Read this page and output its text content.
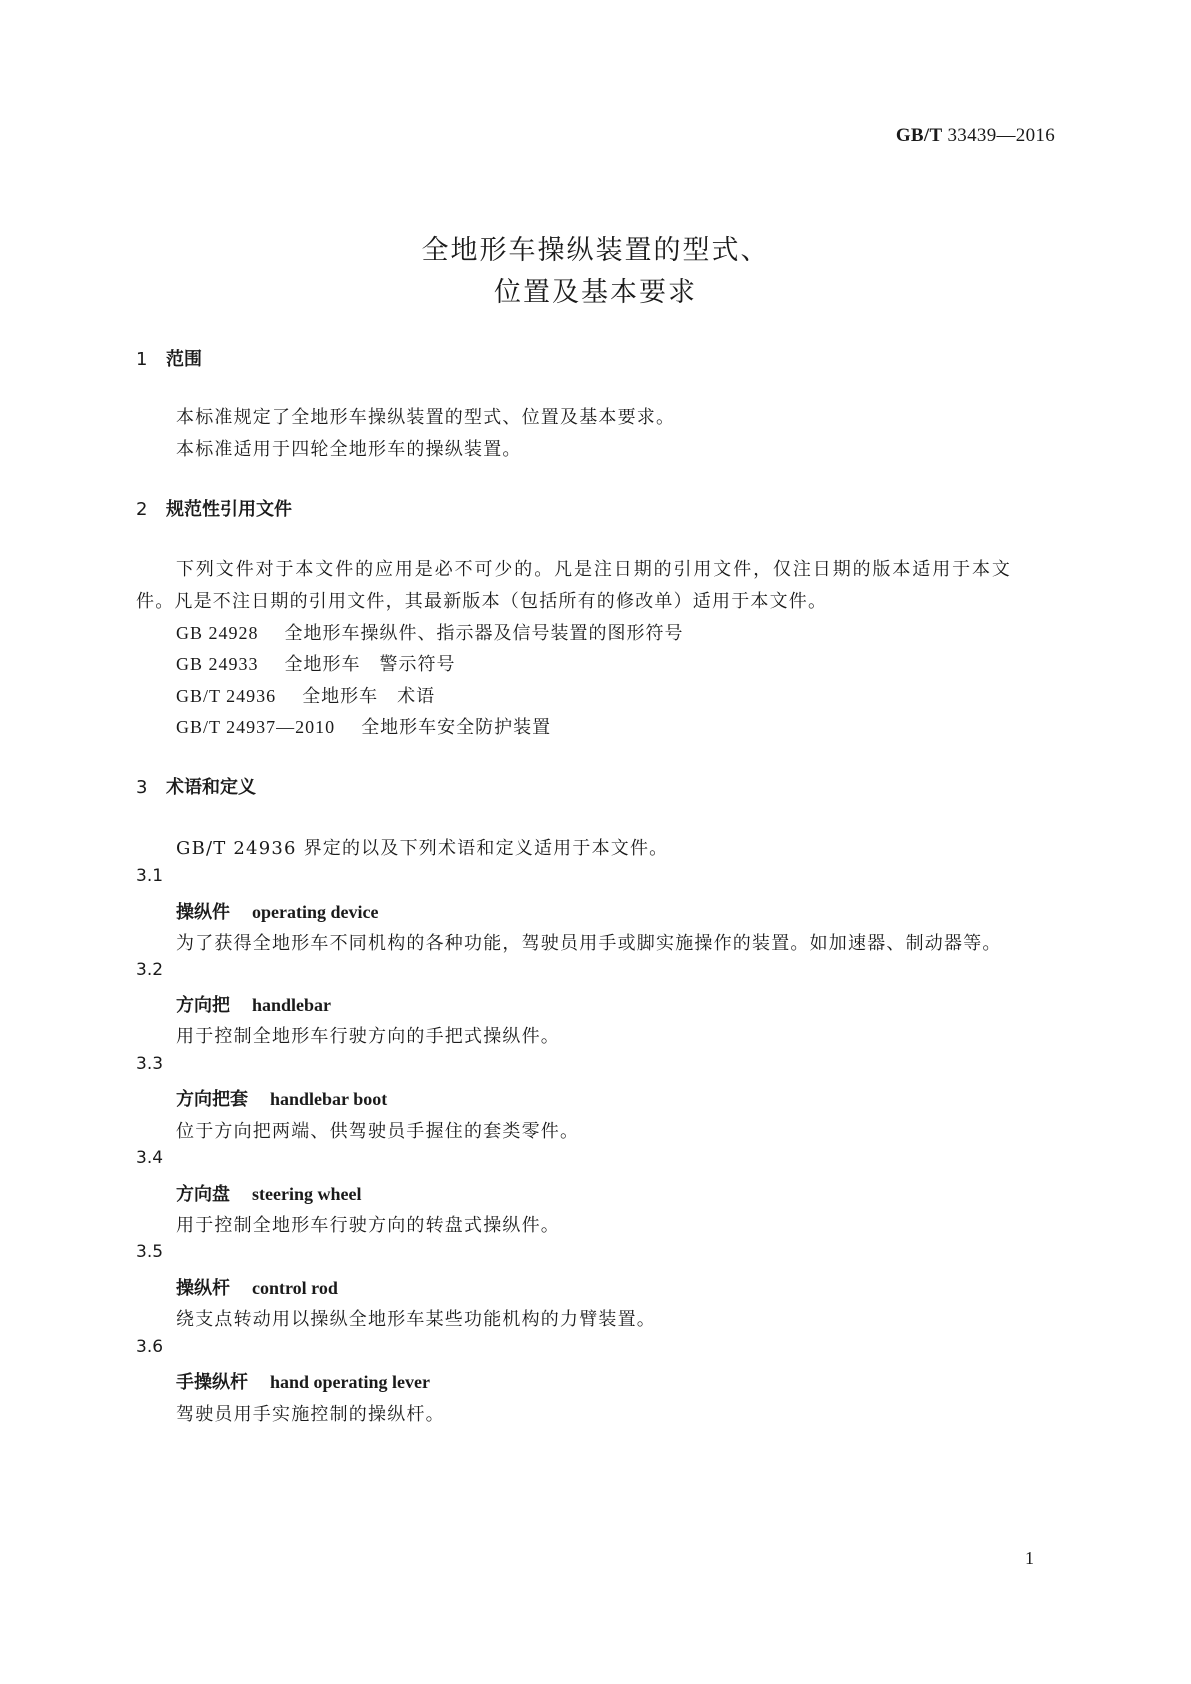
GB/T 33439—2016
全地形车操纵装置的型式、
位置及基本要求
1 范围
本标准规定了全地形车操纵装置的型式、位置及基本要求。
本标准适用于四轮全地形车的操纵装置。
2 规范性引用文件
下列文件对于本文件的应用是必不可少的。凡是注日期的引用文件，仅注日期的版本适用于本文
件。凡是不注日期的引用文件，其最新版本（包括所有的修改单）适用于本文件。
GB 24928 全地形车操纵件、指示器及信号装置的图形符号
GB 24933 全地形车　警示符号
GB/T 24936 全地形车　术语
GB/T 24937—2010 全地形车安全防护装置
3 术语和定义
GB/T 24936 界定的以及下列术语和定义适用于本文件。
3.1
操纵件 operating device
为了获得全地形车不同机构的各种功能，驾驶员用手或脚实施操作的装置。如加速器、制动器等。
3.2
方向把 handlebar
用于控制全地形车行驶方向的手把式操纵件。
3.3
方向把套 handlebar boot
位于方向把两端、供驾驶员手握住的套类零件。
3.4
方向盘 steering wheel
用于控制全地形车行驶方向的转盘式操纵件。
3.5
操纵杆 control rod
绕支点转动用以操纵全地形车某些功能机构的力臂装置。
3.6
手操纵杆 hand operating lever
驾驶员用手实施控制的操纵杆。
1
